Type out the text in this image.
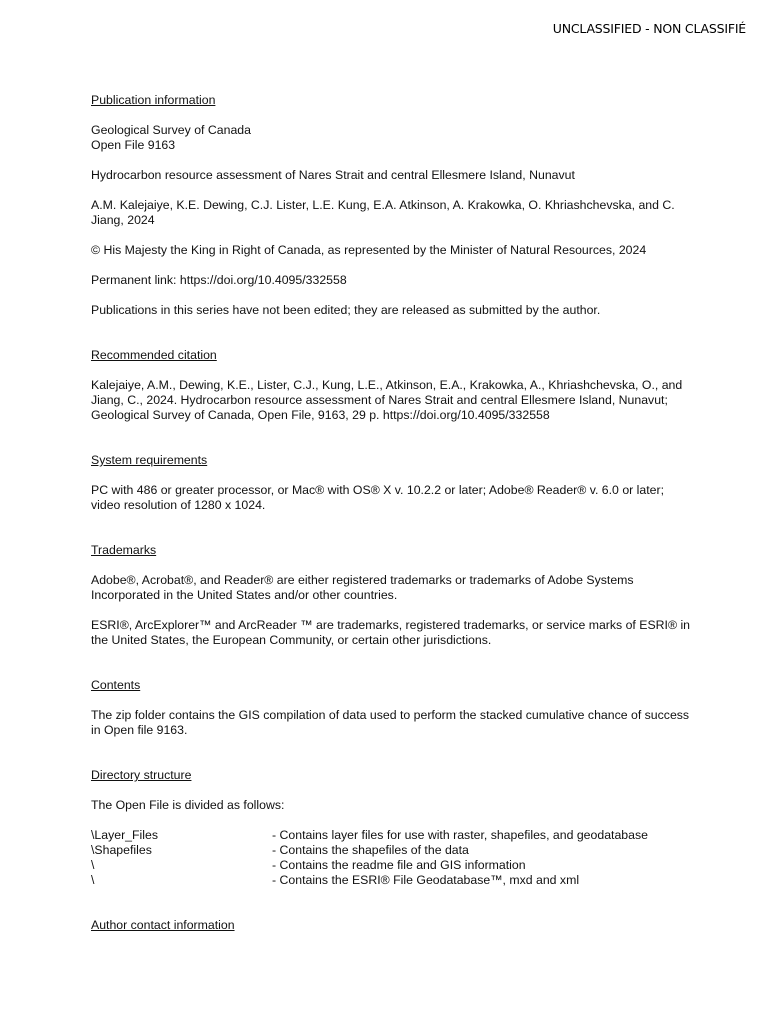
UNCLASSIFIED - NON CLASSIFIÉ
Publication information

Geological Survey of Canada
Open File 9163

Hydrocarbon resource assessment of Nares Strait and central Ellesmere Island, Nunavut

A.M. Kalejaiye, K.E. Dewing, C.J. Lister, L.E. Kung, E.A. Atkinson, A. Krakowka, O. Khriashchevska, and C. Jiang, 2024

© His Majesty the King in Right of Canada, as represented by the Minister of Natural Resources, 2024

Permanent link: https://doi.org/10.4095/332558

Publications in this series have not been edited; they are released as submitted by the author.

Recommended citation

Kalejaiye, A.M., Dewing, K.E., Lister, C.J., Kung, L.E., Atkinson, E.A., Krakowka, A., Khriashchevska, O., and Jiang, C., 2024. Hydrocarbon resource assessment of Nares Strait and central Ellesmere Island, Nunavut; Geological Survey of Canada, Open File, 9163, 29 p. https://doi.org/10.4095/332558

System requirements

PC with 486 or greater processor, or Mac® with OS® X v. 10.2.2 or later; Adobe® Reader® v. 6.0 or later; video resolution of 1280 x 1024.

Trademarks

Adobe®, Acrobat®, and Reader® are either registered trademarks or trademarks of Adobe Systems Incorporated in the United States and/or other countries.

ESRI®, ArcExplorer™ and ArcReader ™ are trademarks, registered trademarks, or service marks of ESRI® in the United States, the European Community, or certain other jurisdictions.

Contents

The zip folder contains the GIS compilation of data used to perform the stacked cumulative chance of success in Open file 9163.

Directory structure

The Open File is divided as follows:

\Layer_Files	- Contains layer files for use with raster, shapefiles, and geodatabase
\Shapefiles	- Contains the shapefiles of the data
\	- Contains the readme file and GIS information
\	- Contains the ESRI® File Geodatabase™, mxd and xml
Author contact information
